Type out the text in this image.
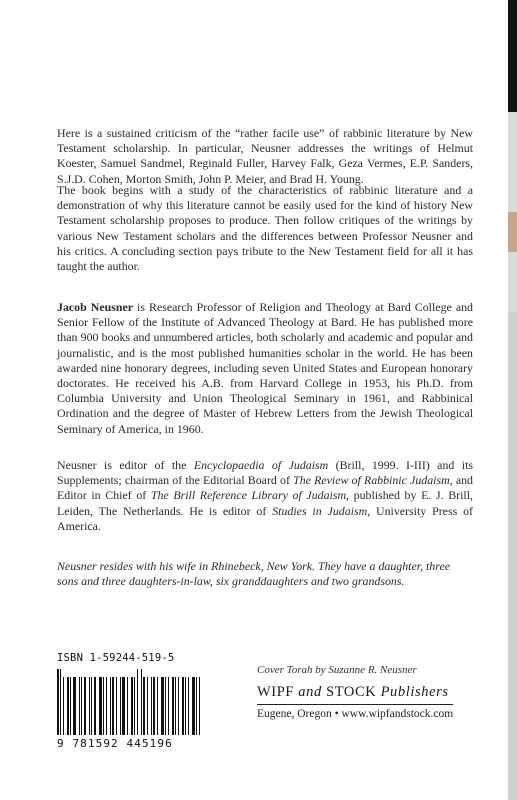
Here is a sustained criticism of the “rather facile use” of rabbinic literature by New Testament scholarship. In particular, Neusner addresses the writings of Helmut Koester, Samuel Sandmel, Reginald Fuller, Harvey Falk, Geza Vermes, E.P. Sanders, S.J.D. Cohen, Morton Smith, John P. Meier, and Brad H. Young.

The book begins with a study of the characteristics of rabbinic literature and a demonstration of why this literature cannot be easily used for the kind of history New Testament scholarship proposes to produce. Then follow critiques of the writings by various New Testament scholars and the differences between Professor Neusner and his critics. A concluding section pays tribute to the New Testament field for all it has taught the author.

Jacob Neusner is Research Professor of Religion and Theology at Bard College and Senior Fellow of the Institute of Advanced Theology at Bard. He has published more than 900 books and unnumbered articles, both scholarly and academic and popular and journalistic, and is the most published humanities scholar in the world. He has been awarded nine honorary degrees, including seven United States and European honorary doctorates. He received his A.B. from Harvard College in 1953, his Ph.D. from Columbia University and Union Theological Seminary in 1961, and Rabbinical Ordination and the degree of Master of Hebrew Letters from the Jewish Theological Seminary of America, in 1960.

Neusner is editor of the Encyclopaedia of Judaism (Brill, 1999. I-III) and its Supplements; chairman of the Editorial Board of The Review of Rabbinic Judaism, and Editor in Chief of The Brill Reference Library of Judaism, published by E. J. Brill, Leiden, The Netherlands. He is editor of Studies in Judaism, University Press of America.

Neusner resides with his wife in Rhinebeck, New York. They have a daughter, three sons and three daughters-in-law, six granddaughters and two grandsons.

ISBN 1-59244-519-5
9 781592 445196
Cover Torah by Suzanne R. Neusner
WIPF and STOCK Publishers
Eugene, Oregon • www.wipfandstock.com
